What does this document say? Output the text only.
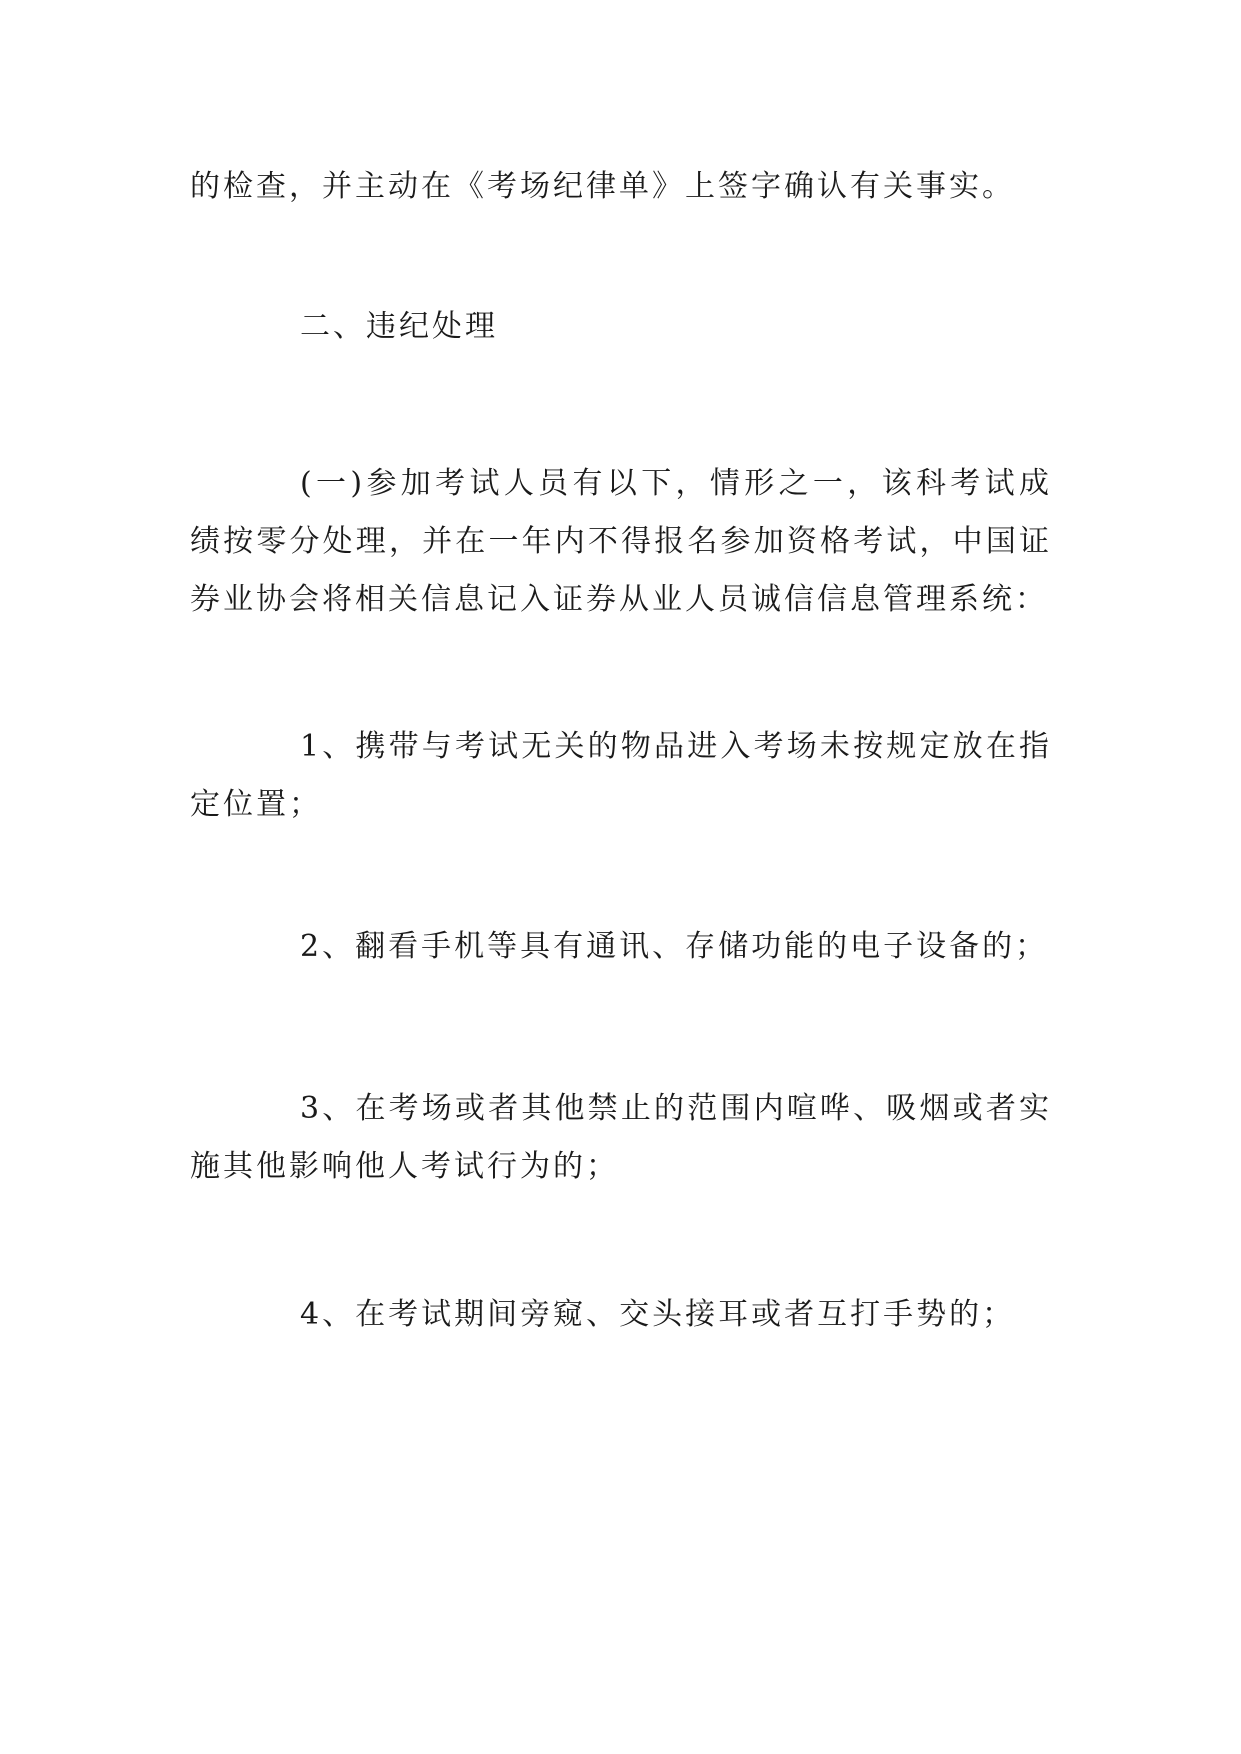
的检查，并主动在《考场纪律单》上签字确认有关事实。

二、违纪处理

(一)参加考试人员有以下，情形之一，该科考试成绩按零分处理，并在一年内不得报名参加资格考试，中国证券业协会将相关信息记入证券从业人员诚信信息管理系统：

1、携带与考试无关的物品进入考场未按规定放在指定位置；

2、翻看手机等具有通讯、存储功能的电子设备的；

3、在考场或者其他禁止的范围内喧哗、吸烟或者实施其他影响他人考试行为的；

4、在考试期间旁窥、交头接耳或者互打手势的；
